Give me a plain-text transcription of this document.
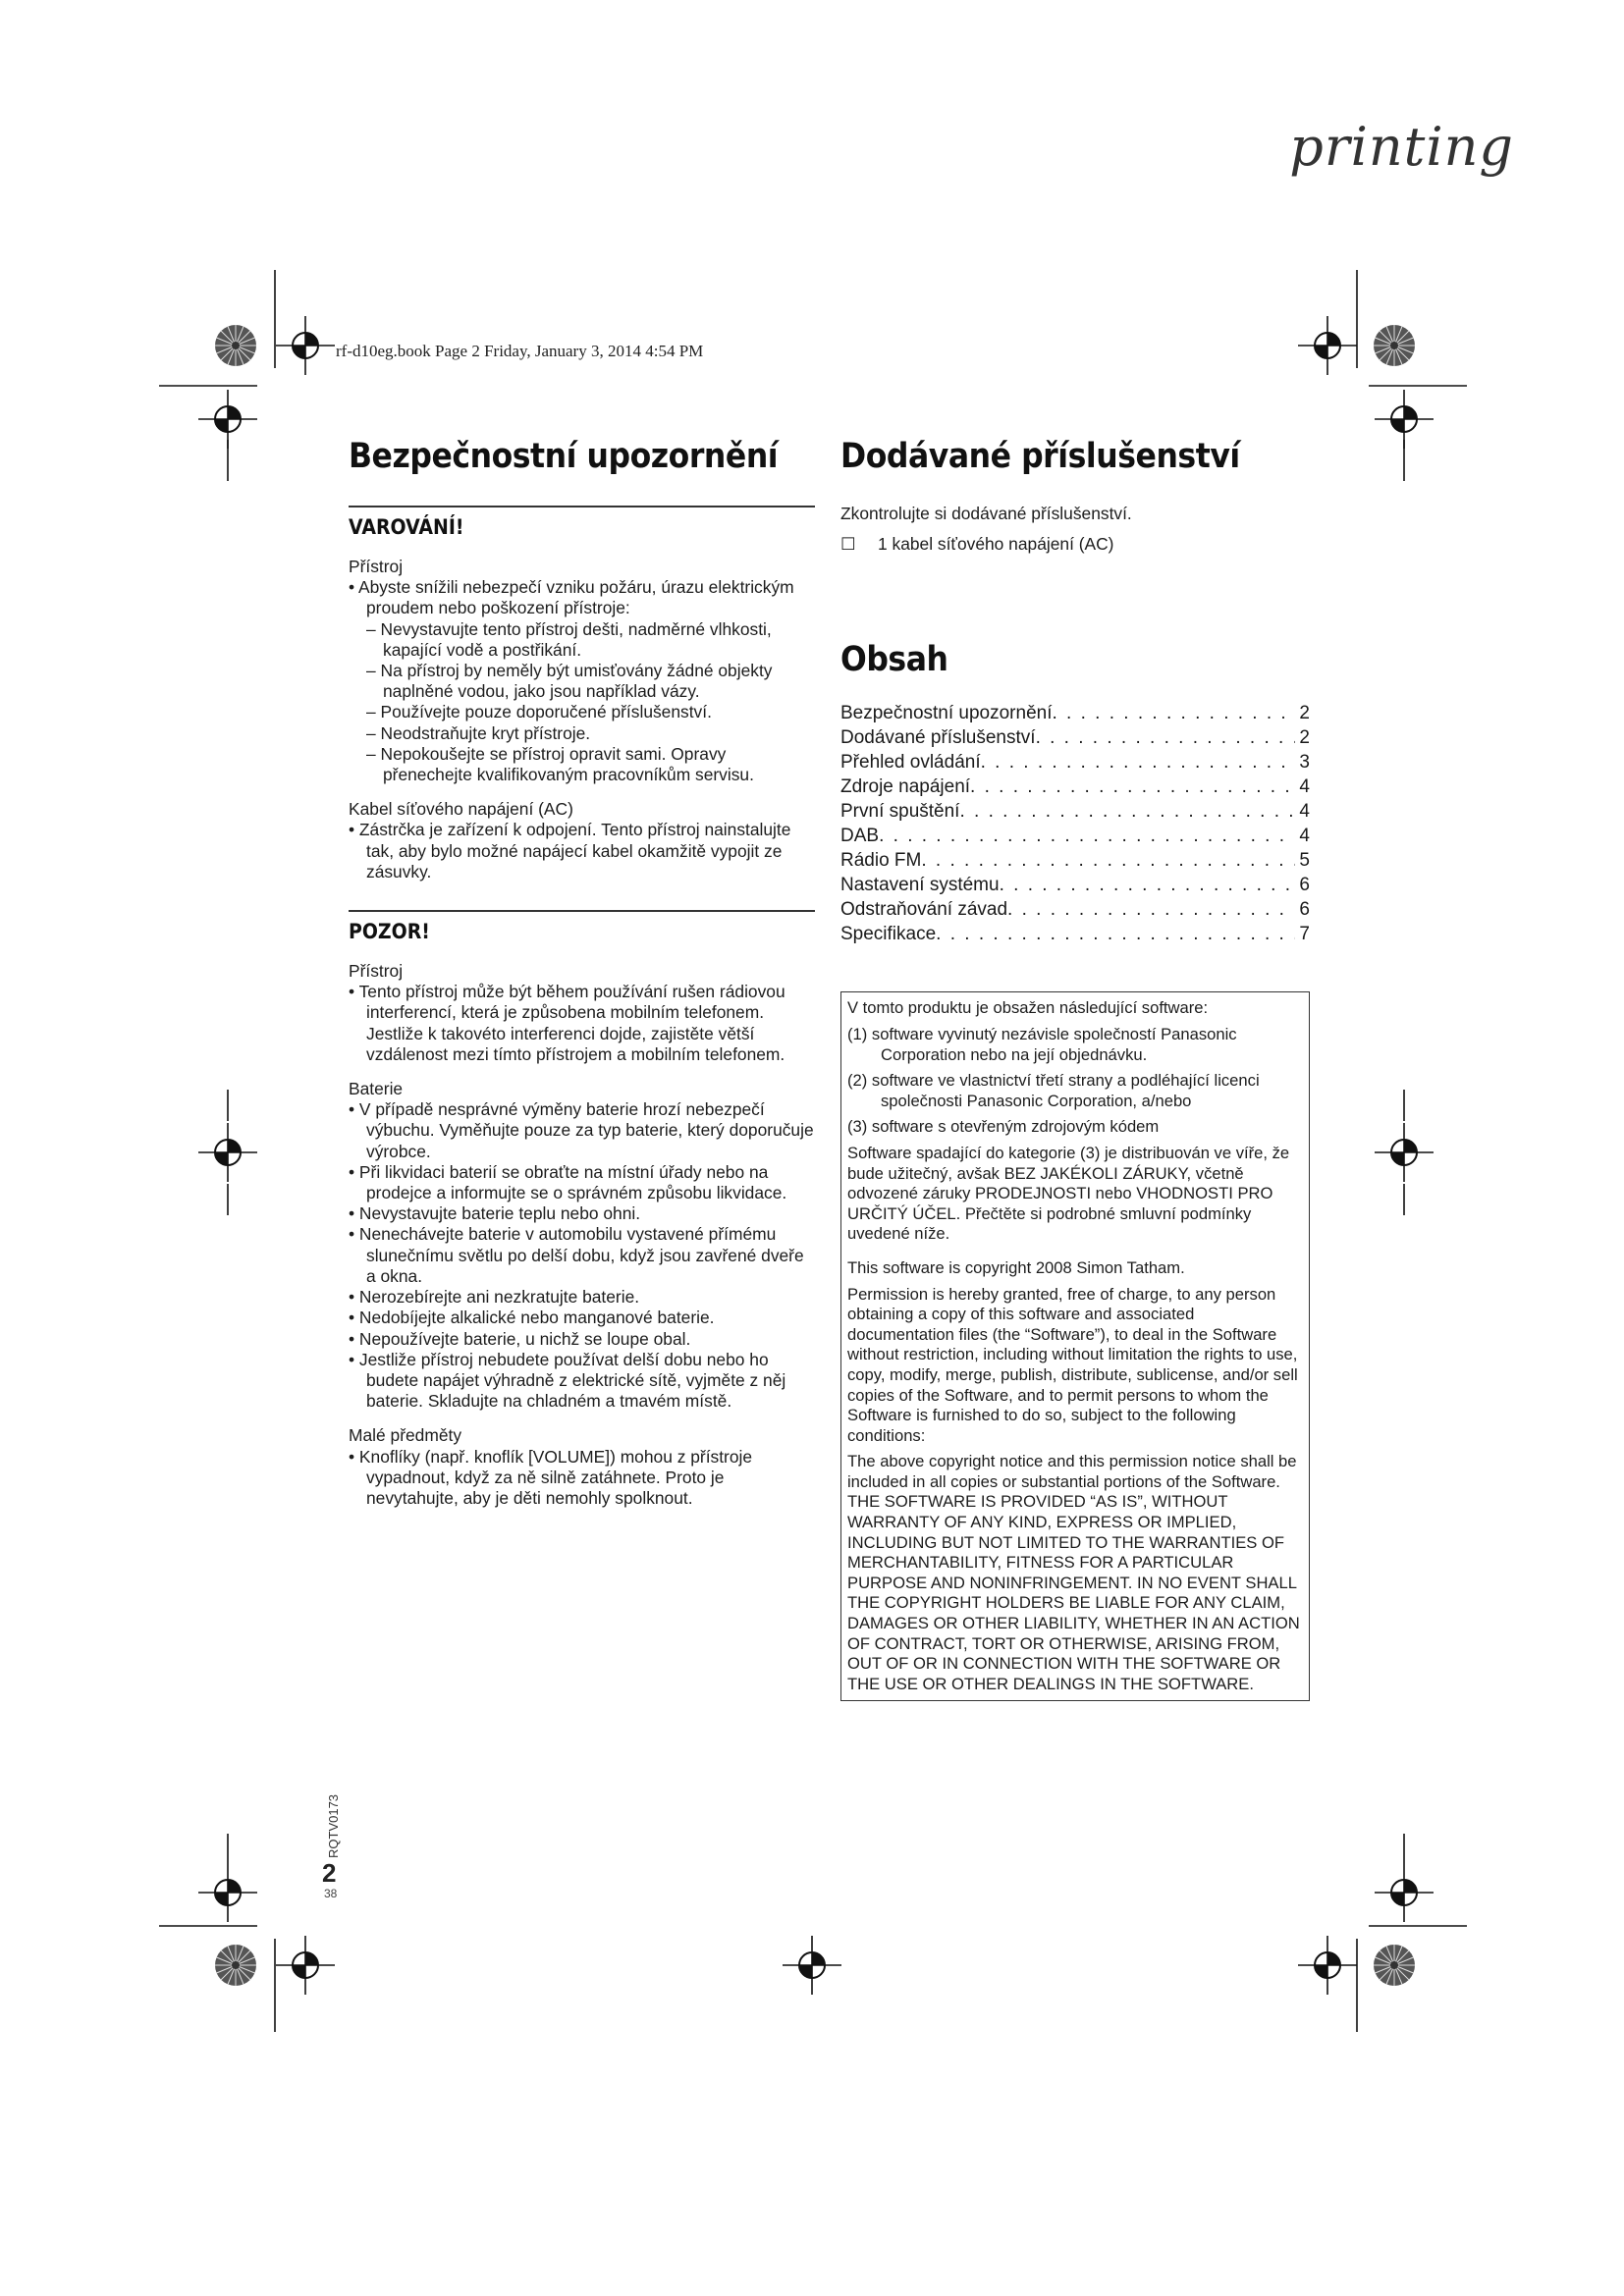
printing
rf-d10eg.book Page 2 Friday, January 3, 2014 4:54 PM
Bezpečnostní upozornění
VAROVÁNÍ!

Přístroj

• Abyste snížili nebezpečí vzniku požáru, úrazu elektrickým proudem nebo poškození přístroje:

– Nevystavujte tento přístroj dešti, nadměrné vlhkosti, kapající vodě a postřikání.

– Na přístroj by neměly být umisťovány žádné objekty naplněné vodou, jako jsou například vázy.

– Používejte pouze doporučené příslušenství.

– Neodstraňujte kryt přístroje.

– Nepokoušejte se přístroj opravit sami. Opravy přenechejte kvalifikovaným pracovníkům servisu.

Kabel síťového napájení (AC)

• Zástrčka je zařízení k odpojení. Tento přístroj nainstalujte tak, aby bylo možné napájecí kabel okamžitě vypojit ze zásuvky.

POZOR!

Přístroj

• Tento přístroj může být během používání rušen rádiovou interferencí, která je způsobena mobilním telefonem. Jestliže k takovéto interferenci dojde, zajistěte větší vzdálenost mezi tímto přístrojem a mobilním telefonem.

Baterie

• V případě nesprávné výměny baterie hrozí nebezpečí výbuchu. Vyměňujte pouze za typ baterie, který doporučuje výrobce.

• Při likvidaci baterií se obraťte na místní úřady nebo na prodejce a informujte se o správném způsobu likvidace.

• Nevystavujte baterie teplu nebo ohni.

• Nenechávejte baterie v automobilu vystavené přímému slunečnímu světlu po delší dobu, když jsou zavřené dveře a okna.

• Nerozebírejte ani nezkratujte baterie.

• Nedobíjejte alkalické nebo manganové baterie.

• Nepoužívejte baterie, u nichž se loupe obal.

• Jestliže přístroj nebudete používat delší dobu nebo ho budete napájet výhradně z elektrické sítě, vyjměte z něj baterie. Skladujte na chladném a tmavém místě.

Malé předměty

• Knoflíky (např. knoflík [VOLUME]) mohou z přístroje vypadnout, když za ně silně zatáhnete. Proto je nevytahujte, aby je děti nemohly spolknout.

Dodávané příslušenství

Zkontrolujte si dodávané příslušenství.

☐ 1 kabel síťového napájení (AC)

Obsah
Bezpečnostní upozornění . . .	2
Dodávané příslušenství . . .	2
Přehled ovládání . . .	3
Zdroje napájení . . .	4
První spuštění . . .	4
DAB . . .	4
Rádio FM . . .	5
Nastavení systému . . .	6
Odstraňování závad . . .	6
Specifikace . . .	7

V tomto produktu je obsažen následující software:

(1) software vyvinutý nezávisle společností Panasonic Corporation nebo na její objednávku.

(2) software ve vlastnictví třetí strany a podléhající licenci společnosti Panasonic Corporation, a/nebo

(3) software s otevřeným zdrojovým kódem

Software spadající do kategorie (3) je distribuován ve víře, že bude užitečný, avšak BEZ JAKÉKOLI ZÁRUKY, včetně odvozené záruky PRODEJNOSTI nebo VHODNOSTI PRO URČITÝ ÚČEL. Přečtěte si podrobné smluvní podmínky uvedené níže.

This software is copyright 2008 Simon Tatham.

Permission is hereby granted, free of charge, to any person obtaining a copy of this software and associated documentation files (the “Software”), to deal in the Software without restriction, including without limitation the rights to use, copy, modify, merge, publish, distribute, sublicense, and/or sell copies of the Software, and to permit persons to whom the Software is furnished to do so, subject to the following conditions:

The above copyright notice and this permission notice shall be included in all copies or substantial portions of the Software.

THE SOFTWARE IS PROVIDED “AS IS”, WITHOUT WARRANTY OF ANY KIND, EXPRESS OR IMPLIED, INCLUDING BUT NOT LIMITED TO THE WARRANTIES OF MERCHANTABILITY, FITNESS FOR A PARTICULAR PURPOSE AND NONINFRINGEMENT. IN NO EVENT SHALL THE COPYRIGHT HOLDERS BE LIABLE FOR ANY CLAIM, DAMAGES OR OTHER LIABILITY, WHETHER IN AN ACTION OF CONTRACT, TORT OR OTHERWISE, ARISING FROM, OUT OF OR IN CONNECTION WITH THE SOFTWARE OR THE USE OR OTHER DEALINGS IN THE SOFTWARE.

RQTV0173
2
38
